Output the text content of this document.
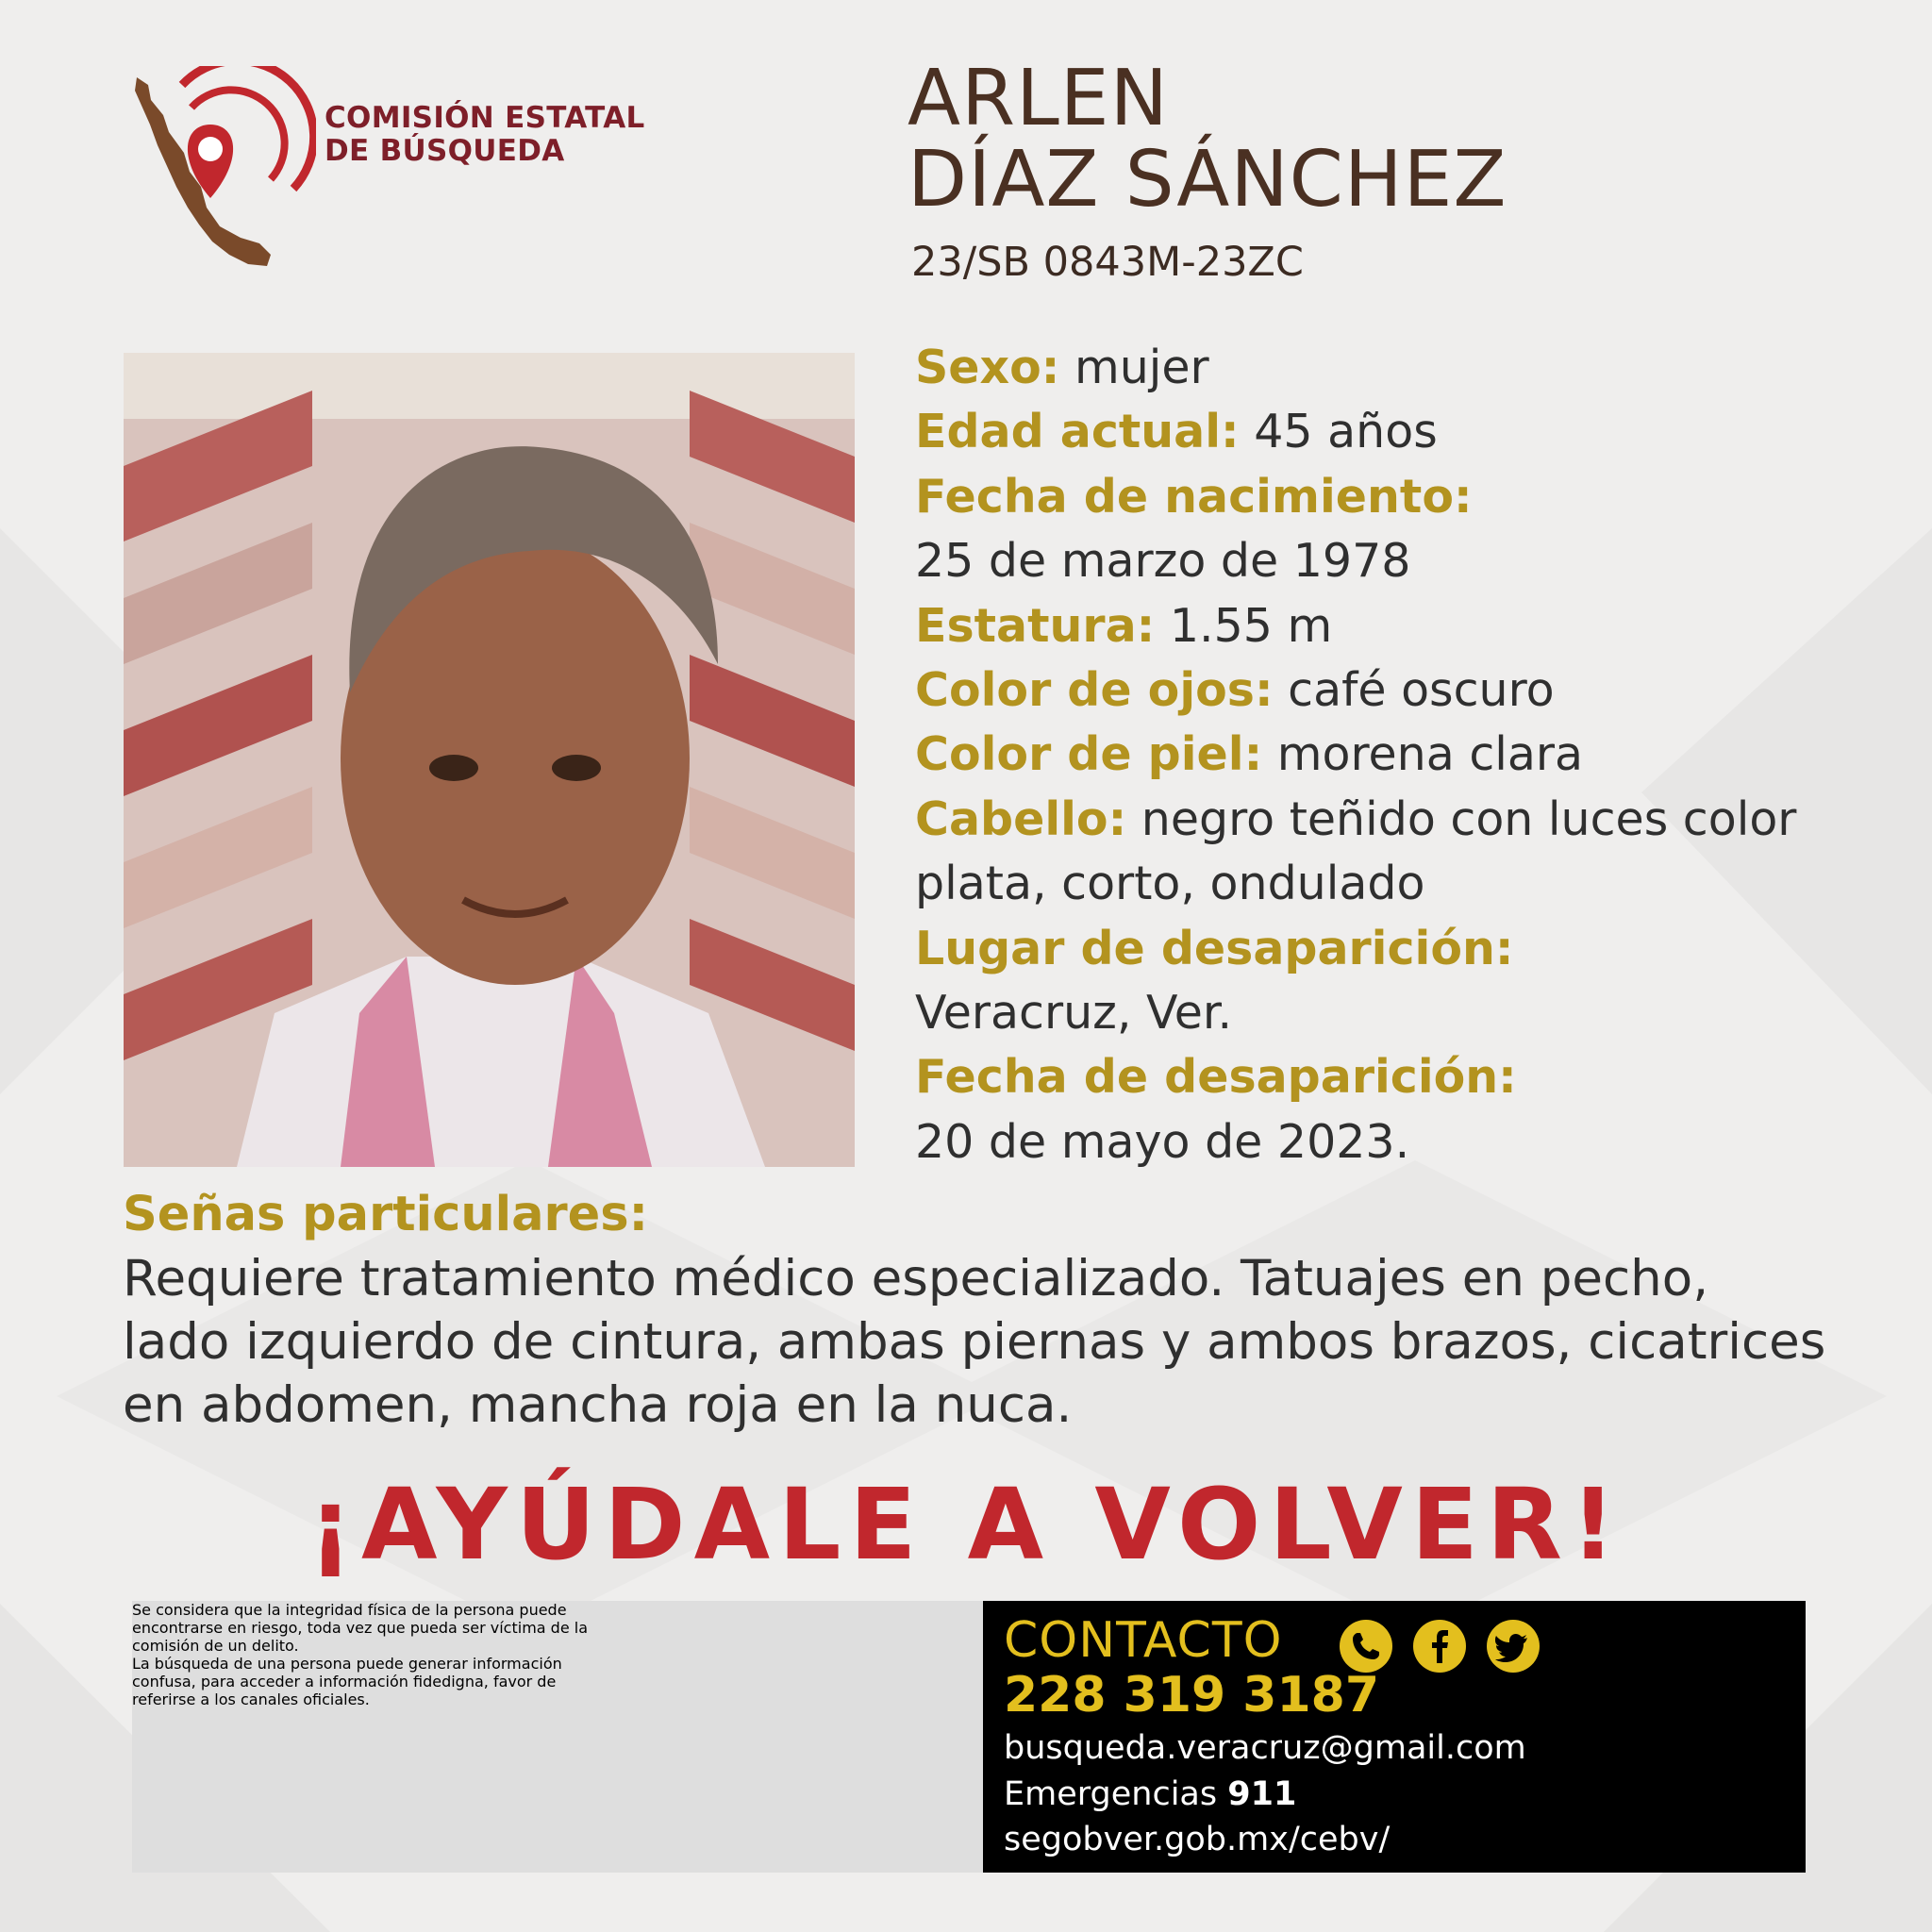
COMISIÓN ESTATAL
DE BÚSQUEDA
ARLEN
DÍAZ SÁNCHEZ
23/SB 0843M-23ZC
Sexo: mujer
Edad actual: 45 años
Fecha de nacimiento:
25 de marzo de 1978
Estatura: 1.55 m
Color de ojos: café oscuro
Color de piel: morena clara
Cabello: negro teñido con luces color
plata, corto, ondulado
Lugar de desaparición:
Veracruz, Ver.
Fecha de desaparición:
20 de mayo de 2023.
Señas particulares:
Requiere tratamiento médico especializado. Tatuajes en pecho,
lado izquierdo de cintura, ambas piernas y ambos brazos, cicatrices
en abdomen, mancha roja en la nuca.
¡AYÚDALE A VOLVER!

Se considera que la integridad física de la persona puede
encontrarse en riesgo, toda vez que pueda ser víctima de la
comisión de un delito.

La búsqueda de una persona puede generar información
confusa, para acceder a información fidedigna, favor de
referirse a los canales oficiales.

CONTACTO
228 319 3187
busqueda.veracruz@gmail.com
Emergencias 911
segobver.gob.mx/cebv/
